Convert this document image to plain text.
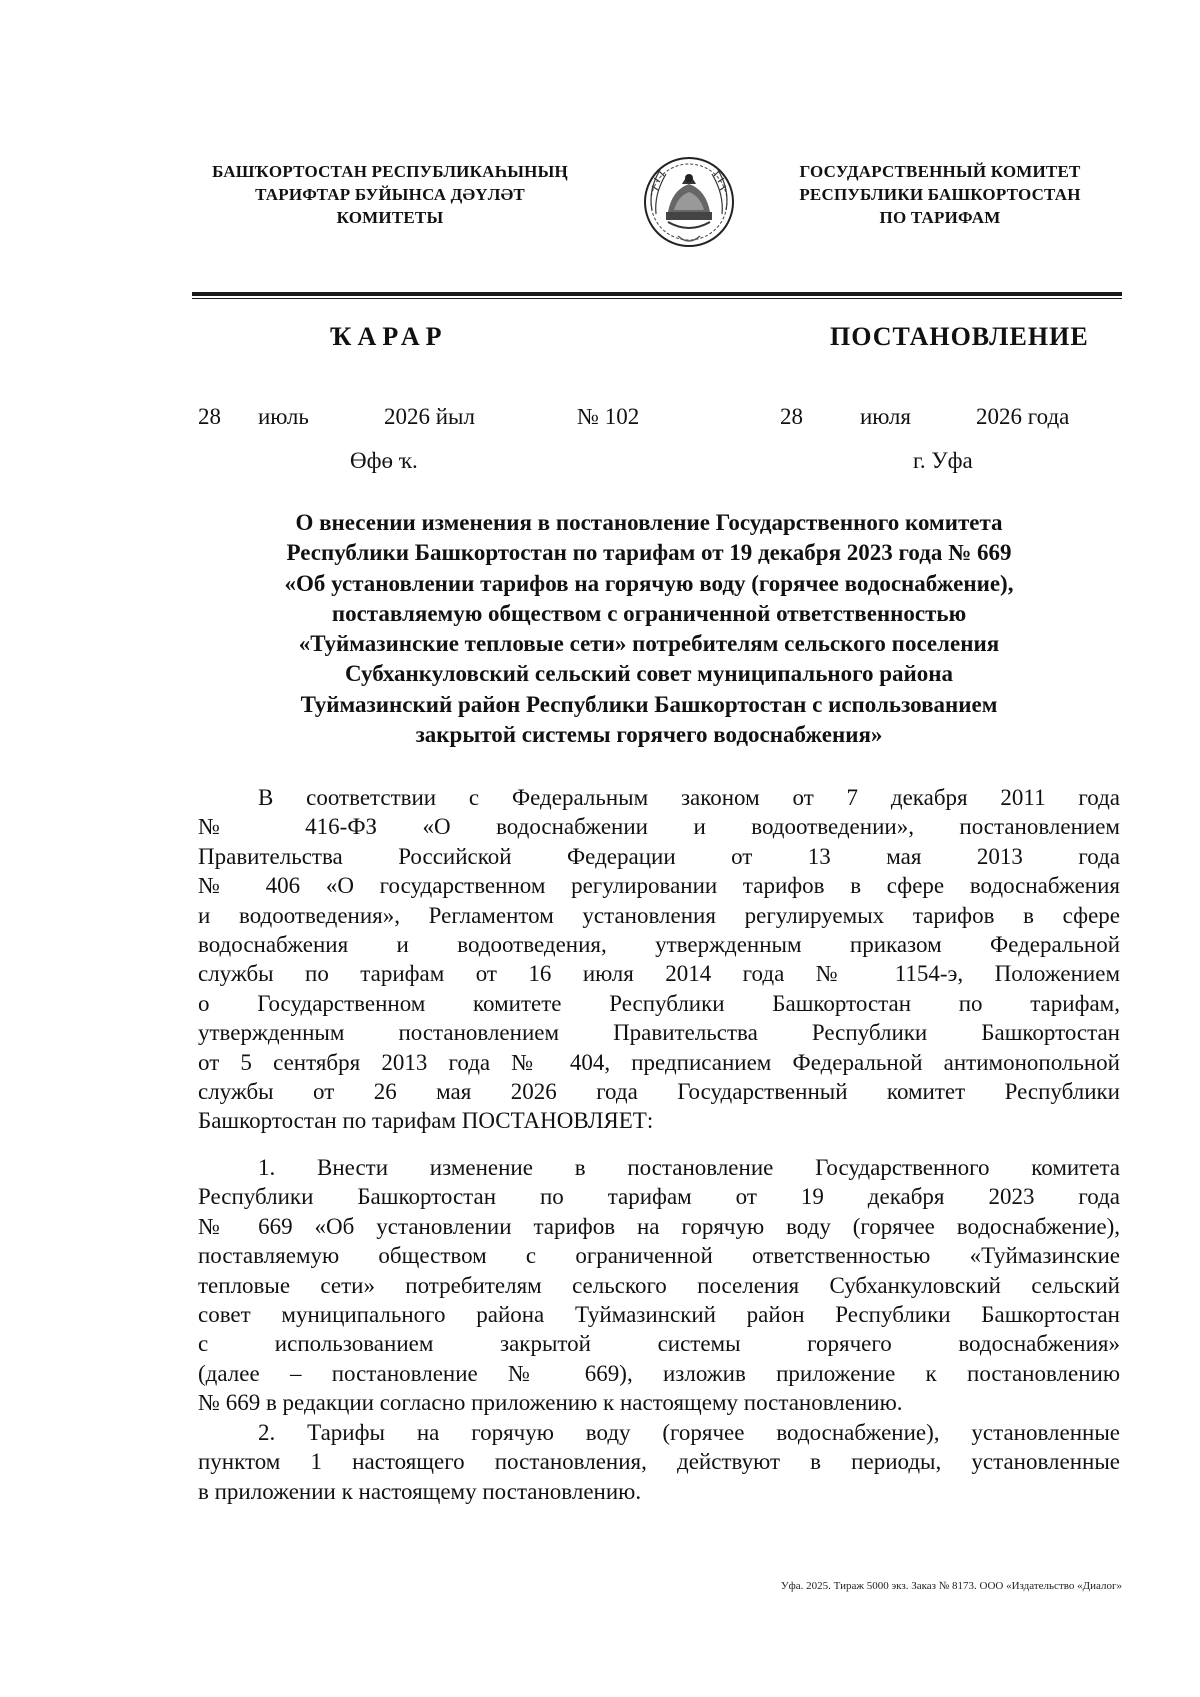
БАШҠОРТОСТАН РЕСПУБЛИКАҺЫНЫҢ
ТАРИФТАР БУЙЫНСА ДӘҮЛӘТ
КОМИТЕТЫ
ГОСУДАРСТВЕННЫЙ КОМИТЕТ
РЕСПУБЛИКИ БАШКОРТОСТАН
ПО ТАРИФАМ
ҠАРАР	ПОСТАНОВЛЕНИЕ
28 июль	2026 йыл	№ 102	28 июля	2026 года
Өфө ҡ.	г. Уфа
О внесении изменения в постановление Государственного комитета
Республики Башкортостан по тарифам от 19 декабря 2023 года № 669
«Об установлении тарифов на горячую воду (горячее водоснабжение),
поставляемую обществом с ограниченной ответственностью
«Туймазинские тепловые сети» потребителям сельского поселения
Субханкуловский сельский совет муниципального района
Туймазинский район Республики Башкортостан с использованием
закрытой системы горячего водоснабжения»
В соответствии с Федеральным законом от 7 декабря 2011 года
№ 416-ФЗ «О водоснабжении и водоотведении», постановлением
Правительства Российской Федерации от 13 мая 2013 года
№ 406 «О государственном регулировании тарифов в сфере водоснабжения
и водоотведения», Регламентом установления регулируемых тарифов в сфере
водоснабжения и водоотведения, утвержденным приказом Федеральной
службы по тарифам от 16 июля 2014 года № 1154-э, Положением
о Государственном комитете Республики Башкортостан по тарифам,
утвержденным постановлением Правительства Республики Башкортостан
от 5 сентября 2013 года № 404, предписанием Федеральной антимонопольной
службы от 26 мая 2026 года Государственный комитет Республики
Башкортостан по тарифам ПОСТАНОВЛЯЕТ:
1. Внести изменение в постановление Государственного комитета
Республики Башкортостан по тарифам от 19 декабря 2023 года
№ 669 «Об установлении тарифов на горячую воду (горячее водоснабжение),
поставляемую обществом с ограниченной ответственностью «Туймазинские
тепловые сети» потребителям сельского поселения Субханкуловский сельский
совет муниципального района Туймазинский район Республики Башкортостан
с использованием закрытой системы горячего водоснабжения»
(далее – постановление № 669), изложив приложение к постановлению
№ 669 в редакции согласно приложению к настоящему постановлению.
2. Тарифы на горячую воду (горячее водоснабжение), установленные
пунктом 1 настоящего постановления, действуют в периоды, установленные
в приложении к настоящему постановлению.
Уфа. 2025. Тираж 5000 экз. Заказ № 8173. ООО «Издательство «Диалог»
